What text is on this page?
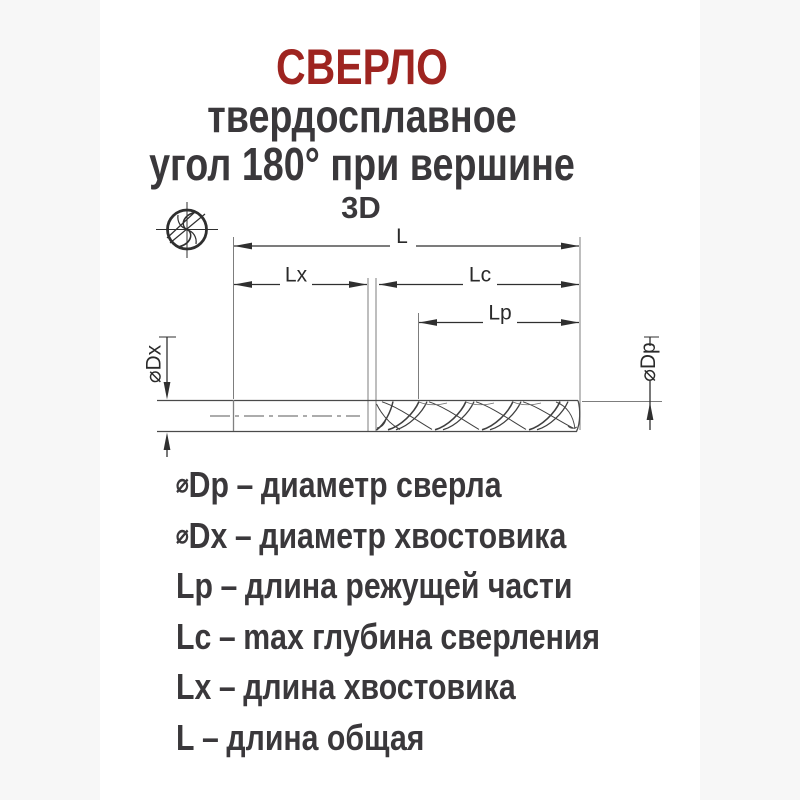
СВЕРЛО
твердосплавное
угол 180° при вершине
3D
L
Lx	Lc
Lp
⌀Dx	⌀Dp
⌀Dp – диаметр сверла
⌀Dx – диаметр хвостовика
Lp – длина режущей части
Lc – max глубина сверления
Lx – длина хвостовика
L – длина общая
